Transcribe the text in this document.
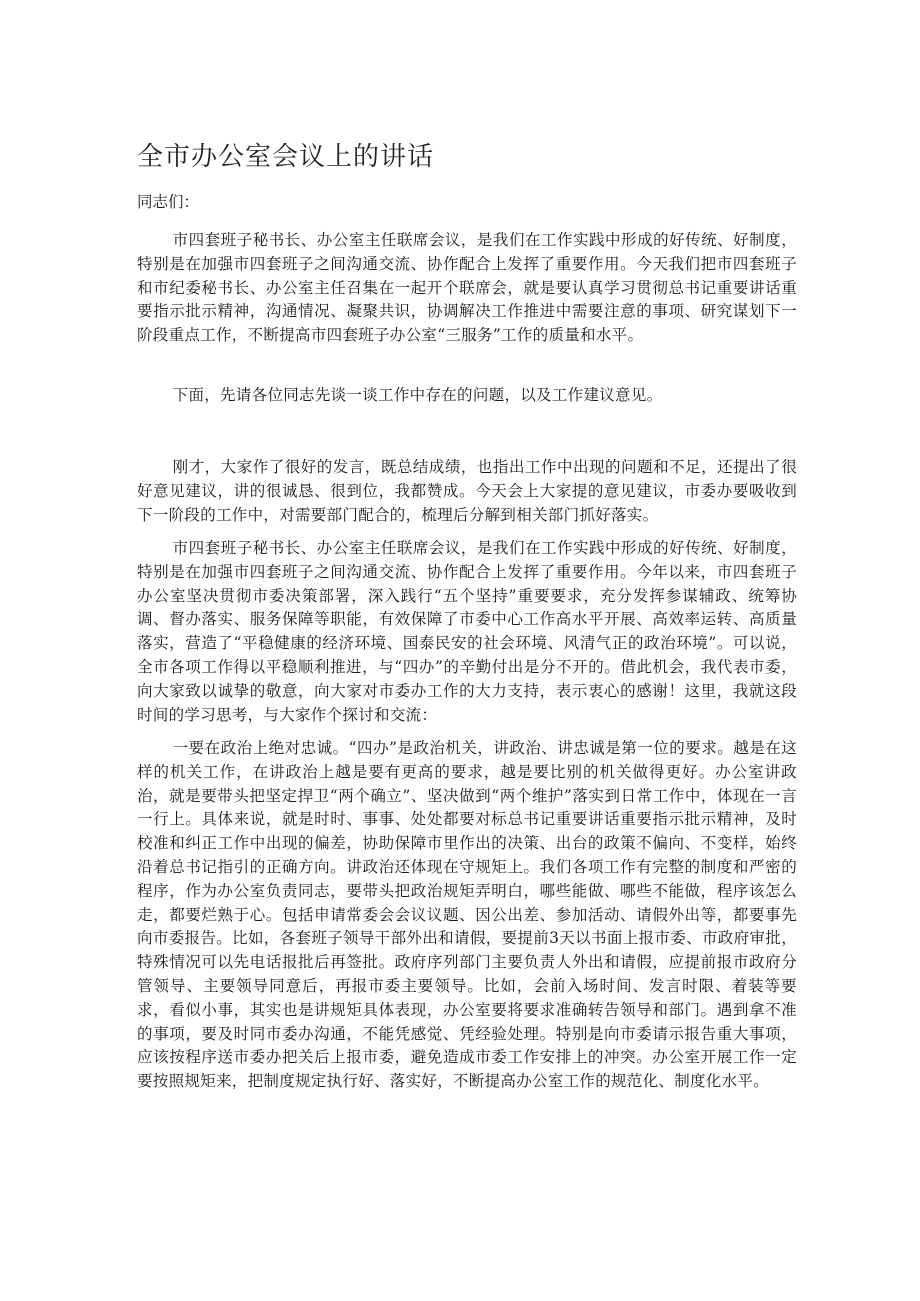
全市办公室会议上的讲话

同志们：

市四套班子秘书长、办公室主任联席会议，是我们在工作实践中形成的好传统、好制度，特别是在加强市四套班子之间沟通交流、协作配合上发挥了重要作用。今天我们把市四套班子和市纪委秘书长、办公室主任召集在一起开个联席会，就是要认真学习贯彻总书记重要讲话重要指示批示精神，沟通情况、凝聚共识，协调解决工作推进中需要注意的事项、研究谋划下一阶段重点工作，不断提高市四套班子办公室“三服务”工作的质量和水平。

下面，先请各位同志先谈一谈工作中存在的问题，以及工作建议意见。

刚才，大家作了很好的发言，既总结成绩，也指出工作中出现的问题和不足，还提出了很好意见建议，讲的很诚恳、很到位，我都赞成。今天会上大家提的意见建议，市委办要吸收到下一阶段的工作中，对需要部门配合的，梳理后分解到相关部门抓好落实。

市四套班子秘书长、办公室主任联席会议，是我们在工作实践中形成的好传统、好制度，特别是在加强市四套班子之间沟通交流、协作配合上发挥了重要作用。今年以来，市四套班子办公室坚决贯彻市委决策部署，深入践行“五个坚持”重要要求，充分发挥参谋辅政、统筹协调、督办落实、服务保障等职能，有效保障了市委中心工作高水平开展、高效率运转、高质量落实，营造了“平稳健康的经济环境、国泰民安的社会环境、风清气正的政治环境”。可以说，全市各项工作得以平稳顺利推进，与“四办”的辛勤付出是分不开的。借此机会，我代表市委，向大家致以诚挚的敬意，向大家对市委办工作的大力支持，表示衷心的感谢！这里，我就这段时间的学习思考，与大家作个探讨和交流：

一要在政治上绝对忠诚。“四办”是政治机关，讲政治、讲忠诚是第一位的要求。越是在这样的机关工作，在讲政治上越是要有更高的要求，越是要比别的机关做得更好。办公室讲政治，就是要带头把坚定捍卫“两个确立”、坚决做到“两个维护”落实到日常工作中，体现在一言一行上。具体来说，就是时时、事事、处处都要对标总书记重要讲话重要指示批示精神，及时校准和纠正工作中出现的偏差，协助保障市里作出的决策、出台的政策不偏向、不变样，始终沿着总书记指引的正确方向。讲政治还体现在守规矩上。我们各项工作有完整的制度和严密的程序，作为办公室负责同志，要带头把政治规矩弄明白，哪些能做、哪些不能做，程序该怎么走，都要烂熟于心。包括申请常委会会议议题、因公出差、参加活动、请假外出等，都要事先向市委报告。比如，各套班子领导干部外出和请假，要提前3天以书面上报市委、市政府审批，特殊情况可以先电话报批后再签批。政府序列部门主要负责人外出和请假，应提前报市政府分管领导、主要领导同意后，再报市委主要领导。比如，会前入场时间、发言时限、着装等要求，看似小事，其实也是讲规矩具体表现，办公室要将要求准确转告领导和部门。遇到拿不准的事项，要及时同市委办沟通，不能凭感觉、凭经验处理。特别是向市委请示报告重大事项，应该按程序送市委办把关后上报市委，避免造成市委工作安排上的冲突。办公室开展工作一定要按照规矩来，把制度规定执行好、落实好，不断提高办公室工作的规范化、制度化水平。
